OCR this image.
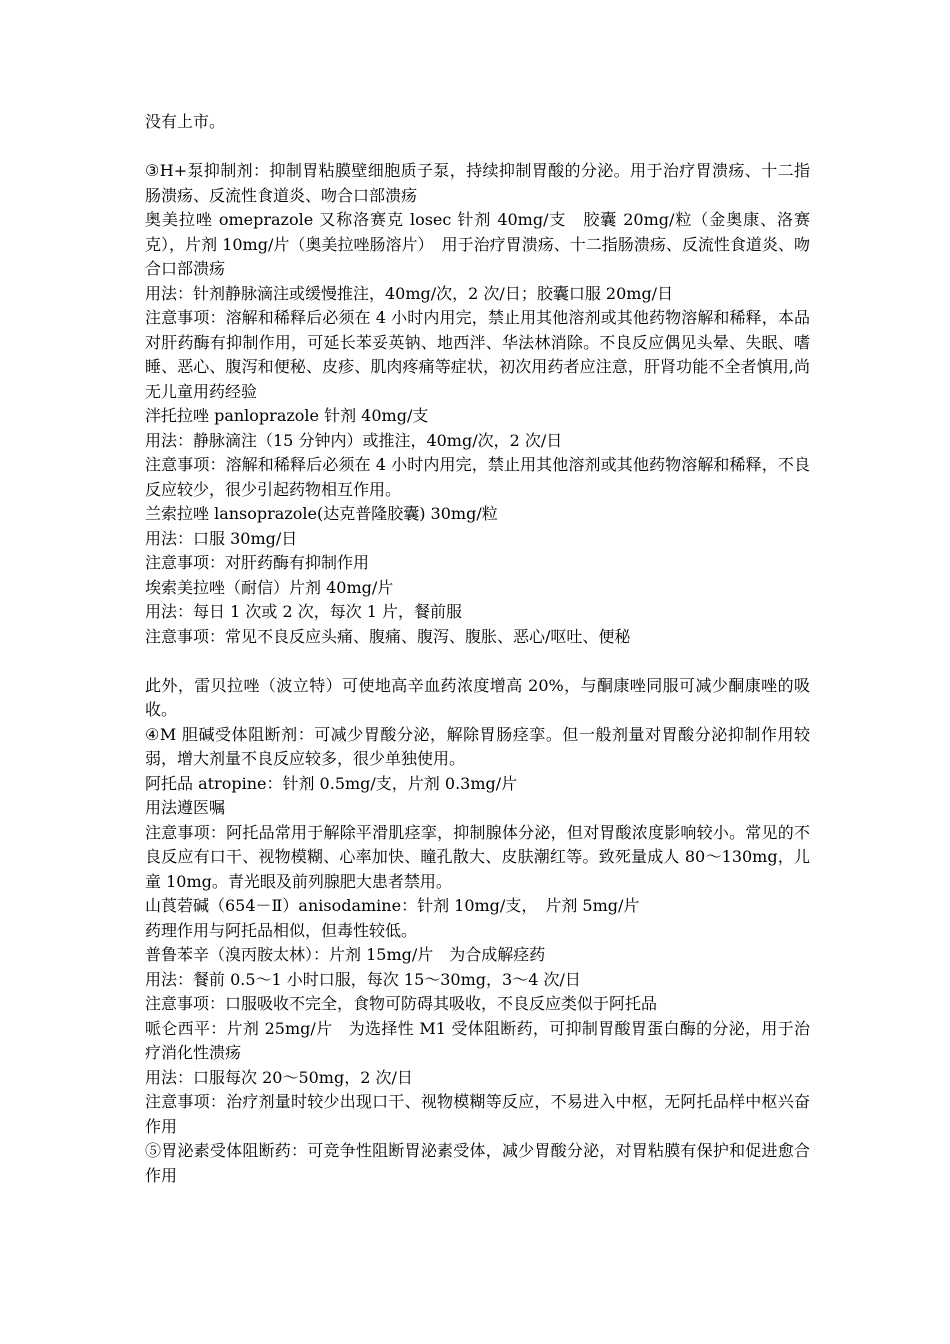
没有上市。

③H+泵抑制剂：抑制胃粘膜壁细胞质子泵，持续抑制胃酸的分泌。用于治疗胃溃疡、十二指肠溃疡、反流性食道炎、吻合口部溃疡

奥美拉唑 omeprazole 又称洛赛克 losec 针剂 40mg/支　胶囊 20mg/粒（金奥康、洛赛克），片剂 10mg/片（奥美拉唑肠溶片）　用于治疗胃溃疡、十二指肠溃疡、反流性食道炎、吻合口部溃疡

用法：针剂静脉滴注或缓慢推注，40mg/次，2 次/日；胶囊口服 20mg/日

注意事项：溶解和稀释后必须在 4 小时内用完，禁止用其他溶剂或其他药物溶解和稀释，本品对肝药酶有抑制作用，可延长苯妥英钠、地西泮、华法林消除。不良反应偶见头晕、失眠、嗜睡、恶心、腹泻和便秘、皮疹、肌肉疼痛等症状，初次用药者应注意，肝肾功能不全者慎用,尚无儿童用药经验

泮托拉唑 panloprazole 针剂 40mg/支

用法：静脉滴注（15 分钟内）或推注，40mg/次，2 次/日

注意事项：溶解和稀释后必须在 4 小时内用完，禁止用其他溶剂或其他药物溶解和稀释，不良反应较少，很少引起药物相互作用。

兰索拉唑 lansoprazole(达克普隆胶囊) 30mg/粒

用法：口服 30mg/日

注意事项：对肝药酶有抑制作用

埃索美拉唑（耐信）片剂 40mg/片

用法：每日 1 次或 2 次，每次 1 片，餐前服

注意事项：常见不良反应头痛、腹痛、腹泻、腹胀、恶心/呕吐、便秘

此外，雷贝拉唑（波立特）可使地高辛血药浓度增高 20%，与酮康唑同服可减少酮康唑的吸收。

④M 胆碱受体阻断剂：可减少胃酸分泌，解除胃肠痉挛。但一般剂量对胃酸分泌抑制作用较弱，增大剂量不良反应较多，很少单独使用。

阿托品 atropine：针剂 0.5mg/支，片剂 0.3mg/片

用法遵医嘱

注意事项：阿托品常用于解除平滑肌痉挛，抑制腺体分泌，但对胃酸浓度影响较小。常见的不良反应有口干、视物模糊、心率加快、瞳孔散大、皮肤潮红等。致死量成人 80～130mg，儿童 10mg。青光眼及前列腺肥大患者禁用。

山莨菪碱（654－Ⅱ）anisodamine：针剂 10mg/支，　片剂 5mg/片

药理作用与阿托品相似，但毒性较低。

普鲁苯辛（溴丙胺太林）：片剂 15mg/片　为合成解痉药

用法：餐前 0.5～1 小时口服，每次 15～30mg，3～4 次/日

注意事项：口服吸收不完全，食物可防碍其吸收，不良反应类似于阿托品

哌仑西平：片剂 25mg/片　为选择性 M1 受体阻断药，可抑制胃酸胃蛋白酶的分泌，用于治疗消化性溃疡

用法：口服每次 20～50mg，2 次/日

注意事项：治疗剂量时较少出现口干、视物模糊等反应，不易进入中枢，无阿托品样中枢兴奋作用

⑤胃泌素受体阻断药：可竞争性阻断胃泌素受体，减少胃酸分泌，对胃粘膜有保护和促进愈合作用
